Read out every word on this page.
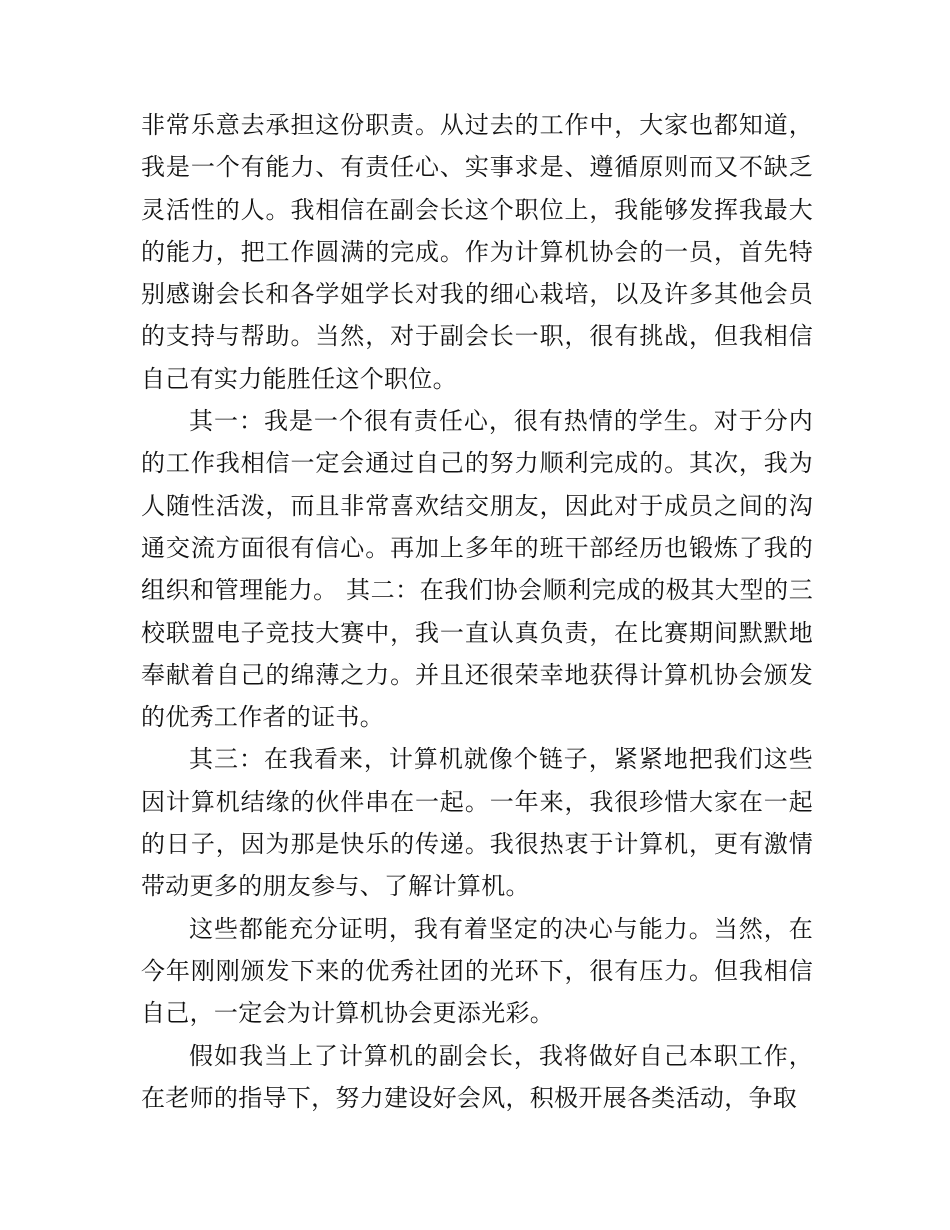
非常乐意去承担这份职责。从过去的工作中，大家也都知道，我是一个有能力、有责任心、实事求是、遵循原则而又不缺乏灵活性的人。我相信在副会长这个职位上，我能够发挥我最大的能力，把工作圆满的完成。作为计算机协会的一员，首先特别感谢会长和各学姐学长对我的细心栽培，以及许多其他会员的支持与帮助。当然，对于副会长一职，很有挑战，但我相信自己有实力能胜任这个职位。

其一：我是一个很有责任心，很有热情的学生。对于分内的工作我相信一定会通过自己的努力顺利完成的。其次，我为人随性活泼，而且非常喜欢结交朋友，因此对于成员之间的沟通交流方面很有信心。再加上多年的班干部经历也锻炼了我的组织和管理能力。 其二：在我们协会顺利完成的极其大型的三校联盟电子竞技大赛中，我一直认真负责，在比赛期间默默地奉献着自己的绵薄之力。并且还很荣幸地获得计算机协会颁发的优秀工作者的证书。

其三：在我看来，计算机就像个链子，紧紧地把我们这些因计算机结缘的伙伴串在一起。一年来，我很珍惜大家在一起的日子，因为那是快乐的传递。我很热衷于计算机，更有激情带动更多的朋友参与、了解计算机。

这些都能充分证明，我有着坚定的决心与能力。当然，在今年刚刚颁发下来的优秀社团的光环下，很有压力。但我相信自己，一定会为计算机协会更添光彩。

假如我当上了计算机的副会长，我将做好自己本职工作，在老师的指导下，努力建设好会风，积极开展各类活动，争取
